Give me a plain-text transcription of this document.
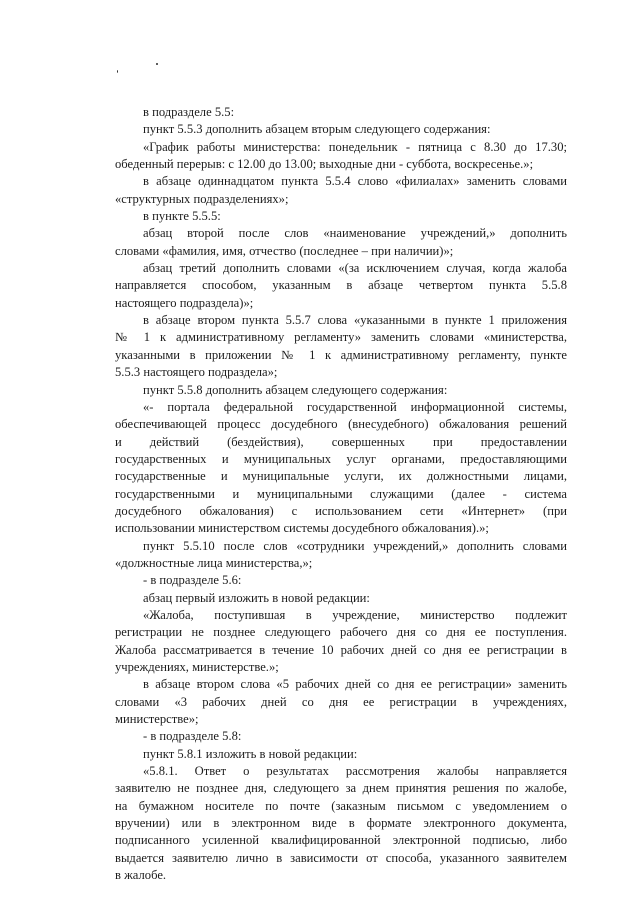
в подразделе 5.5:
пункт 5.5.3 дополнить абзацем вторым следующего содержания:
«График работы министерства: понедельник - пятница с 8.30 до 17.30;
обеденный перерыв: с 12.00 до 13.00; выходные дни - суббота, воскресенье.»;
в абзаце одиннадцатом пункта 5.5.4 слово «филиалах» заменить словами
«структурных подразделениях»;
в пункте 5.5.5:
абзац второй после слов «наименование учреждений,» дополнить
словами «фамилия, имя, отчество (последнее – при наличии)»;
абзац третий дополнить словами «(за исключением случая, когда жалоба
направляется способом, указанным в абзаце четвертом пункта 5.5.8
настоящего подраздела)»;
в абзаце втором пункта 5.5.7 слова «указанными в пункте 1 приложения
№ 1 к административному регламенту» заменить словами «министерства,
указанными в приложении № 1 к административному регламенту, пункте
5.5.3 настоящего подраздела»;
пункт 5.5.8 дополнить абзацем следующего содержания:
«- портала федеральной государственной информационной системы,
обеспечивающей процесс досудебного (внесудебного) обжалования решений
и действий (бездействия), совершенных при предоставлении
государственных и муниципальных услуг органами, предоставляющими
государственные и муниципальные услуги, их должностными лицами,
государственными и муниципальными служащими (далее - система
досудебного обжалования) с использованием сети «Интернет» (при
использовании министерством системы досудебного обжалования).»;
пункт 5.5.10 после слов «сотрудники учреждений,» дополнить словами
«должностные лица министерства,»;
- в подразделе 5.6:
абзац первый изложить в новой редакции:
«Жалоба, поступившая в учреждение, министерство подлежит
регистрации не позднее следующего рабочего дня со дня ее поступления.
Жалоба рассматривается в течение 10 рабочих дней со дня ее регистрации в
учреждениях, министерстве.»;
в абзаце втором слова «5 рабочих дней со дня ее регистрации» заменить
словами «3 рабочих дней со дня ее регистрации в учреждениях,
министерстве»;
- в подразделе 5.8:
пункт 5.8.1 изложить в новой редакции:
«5.8.1. Ответ о результатах рассмотрения жалобы направляется
заявителю не позднее дня, следующего за днем принятия решения по жалобе,
на бумажном носителе по почте (заказным письмом с уведомлением о
вручении) или в электронном виде в формате электронного документа,
подписанного усиленной квалифицированной электронной подписью, либо
выдается заявителю лично в зависимости от способа, указанного заявителем
в жалобе.
